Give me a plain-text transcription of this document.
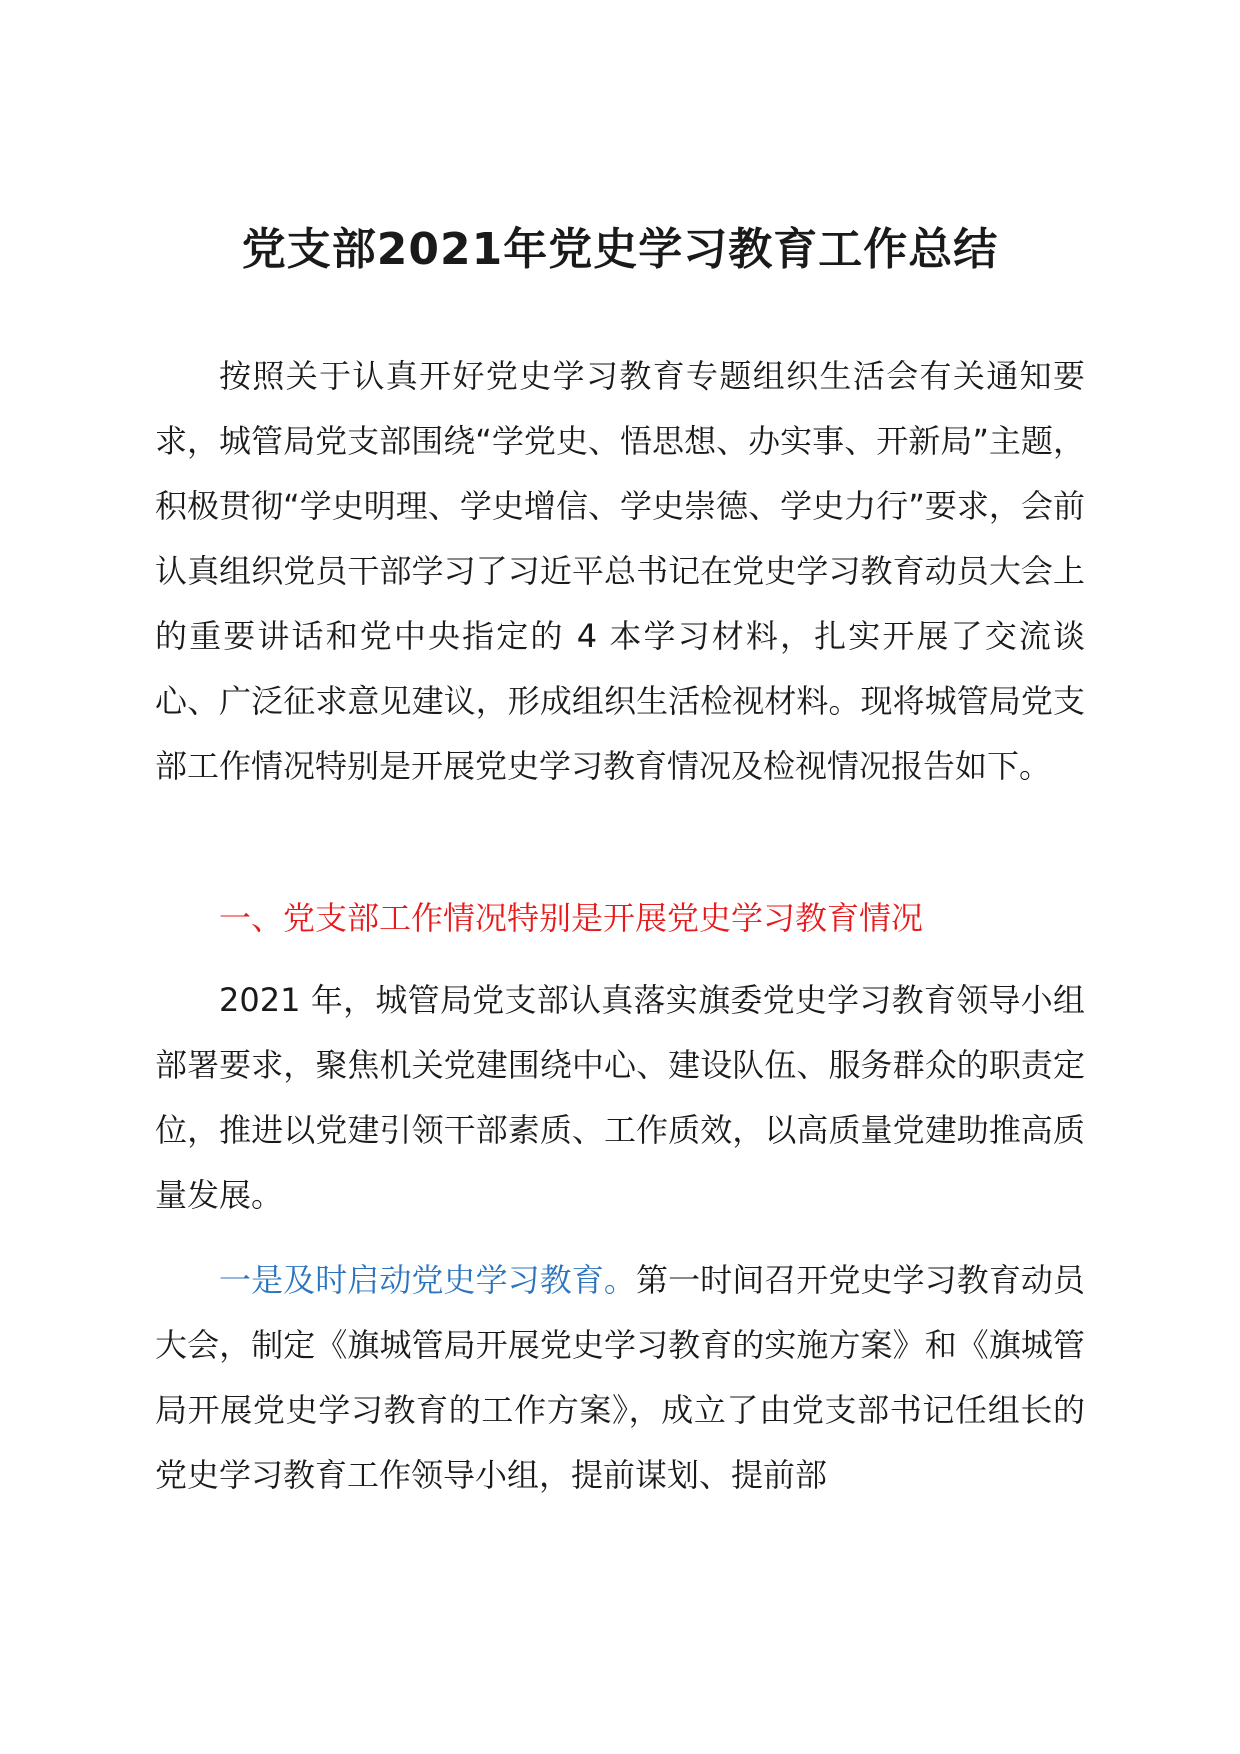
党支部2021年党史学习教育工作总结

按照关于认真开好党史学习教育专题组织生活会有关通知要求，城管局党支部围绕“学党史、悟思想、办实事、开新局”主题，积极贯彻“学史明理、学史增信、学史崇德、学史力行”要求，会前认真组织党员干部学习了习近平总书记在党史学习教育动员大会上的重要讲话和党中央指定的 4 本学习材料，扎实开展了交流谈心、广泛征求意见建议，形成组织生活检视材料。现将城管局党支部工作情况特别是开展党史学习教育情况及检视情况报告如下。

一、党支部工作情况特别是开展党史学习教育情况

2021 年，城管局党支部认真落实旗委党史学习教育领导小组部署要求，聚焦机关党建围绕中心、建设队伍、服务群众的职责定位，推进以党建引领干部素质、工作质效，以高质量党建助推高质量发展。

一是及时启动党史学习教育。第一时间召开党史学习教育动员大会，制定《旗城管局开展党史学习教育的实施方案》和《旗城管局开展党史学习教育的工作方案》，成立了由党支部书记任组长的党史学习教育工作领导小组，提前谋划、提前部
